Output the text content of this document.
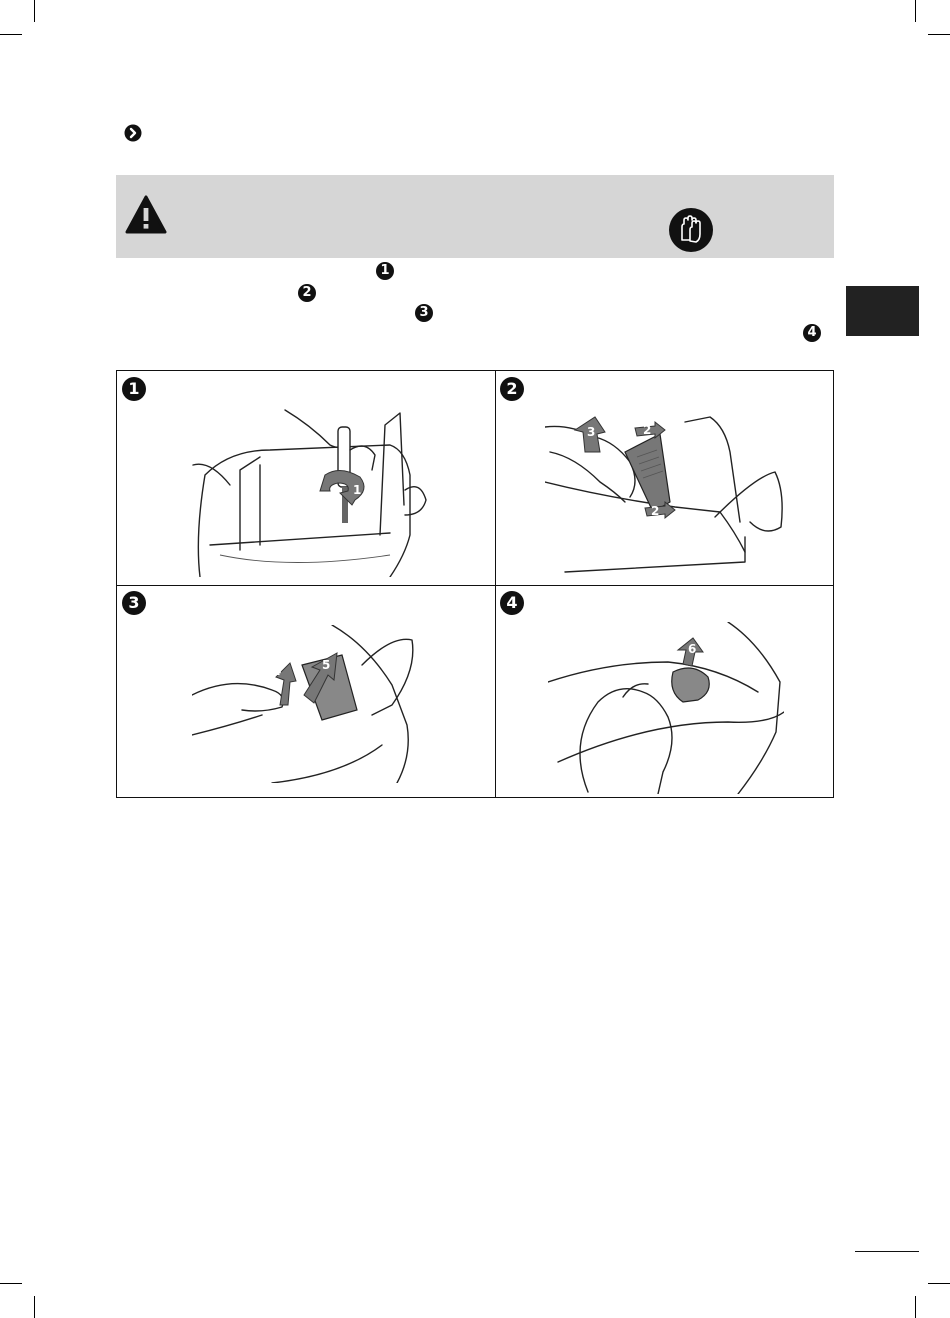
1
2
3
4
1	2
3	4
1
3	2
2
4	5
6
